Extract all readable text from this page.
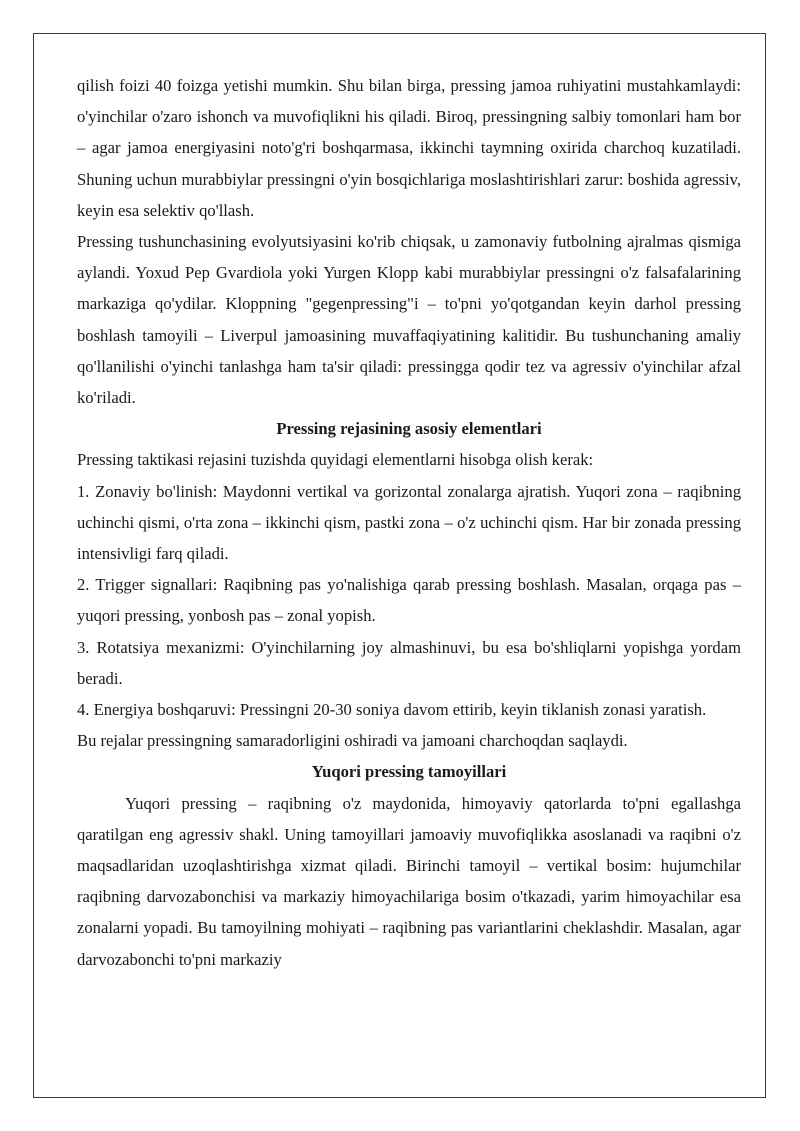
qilish foizi 40 foizga yetishi mumkin. Shu bilan birga, pressing jamoa ruhiyatini mustahkamlaydi: o'yinchilar o'zaro ishonch va muvofiqlikni his qiladi. Biroq, pressingning salbiy tomonlari ham bor – agar jamoa energiyasini noto'g'ri boshqarmasa, ikkinchi taymning oxirida charchoq kuzatiladi. Shuning uchun murabbiylar pressingni o'yin bosqichlariga moslashtirishlari zarur: boshida agressiv, keyin esa selektiv qo'llash.

Pressing tushunchasining evolyutsiyasini ko'rib chiqsak, u zamonaviy futbolning ajralmas qismiga aylandi. Yoxud Pep Gvardiola yoki Yurgen Klopp kabi murabbiylar pressingni o'z falsafalarining markaziga qo'ydilar. Kloppning "gegenpressing"i – to'pni yo'qotgandan keyin darhol pressing boshlash tamoyili – Liverpul jamoasining muvaffaqiyatining kalitidir. Bu tushunchaning amaliy qo'llanilishi o'yinchi tanlashga ham ta'sir qiladi: pressingga qodir tez va agressiv o'yinchilar afzal ko'riladi.

Pressing rejasining asosiy elementlari

Pressing taktikasi rejasini tuzishda quyidagi elementlarni hisobga olish kerak:

1. Zonaviy bo'linish: Maydonni vertikal va gorizontal zonalarga ajratish. Yuqori zona – raqibning uchinchi qismi, o'rta zona – ikkinchi qism, pastki zona – o'z uchinchi qism. Har bir zonada pressing intensivligi farq qiladi.

2. Trigger signallari: Raqibning pas yo'nalishiga qarab pressing boshlash. Masalan, orqaga pas – yuqori pressing, yonbosh pas – zonal yopish.

3. Rotatsiya mexanizmi: O'yinchilarning joy almashinuvi, bu esa bo'shliqlarni yopishga yordam beradi.

4. Energiya boshqaruvi: Pressingni 20-30 soniya davom ettirib, keyin tiklanish zonasi yaratish.

Bu rejalar pressingning samaradorligini oshiradi va jamoani charchoqdan saqlaydi.

Yuqori pressing tamoyillari

Yuqori pressing – raqibning o'z maydonida, himoyaviy qatorlarda to'pni egallashga qaratilgan eng agressiv shakl. Uning tamoyillari jamoaviy muvofiqlikka asoslanadi va raqibni o'z maqsadlaridan uzoqlashtirishga xizmat qiladi. Birinchi tamoyil – vertikal bosim: hujumchilar raqibning darvozabonchisi va markaziy himoyachilariga bosim o'tkazadi, yarim himoyachilar esa zonalarni yopadi. Bu tamoyilning mohiyati – raqibning pas variantlarini cheklashdir. Masalan, agar darvozabonchi to'pni markaziy
